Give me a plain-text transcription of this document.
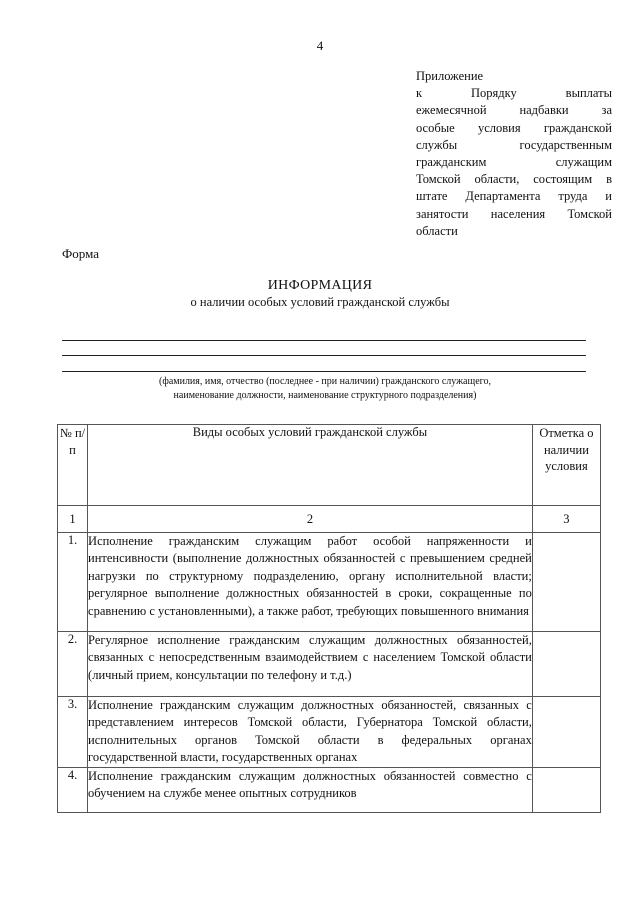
4
Приложение
к Порядку выплаты
ежемесячной надбавки за
особые условия гражданской
службы государственным
гражданским служащим
Томской области, состоящим в
штате Департамента труда и
занятости населения Томской
области
Форма
ИНФОРМАЦИЯ
о наличии особых условий гражданской службы
(фамилия, имя, отчество (последнее - при наличии) гражданского служащего, наименование должности, наименование структурного подразделения)
№ п/п	Виды особых условий гражданской службы	Отметка о наличии условия
1	2	3
1.	Исполнение гражданским служащим работ особой напряженности и интенсивности (выполнение должностных обязанностей с превышением средней нагрузки по структурному подразделению, органу исполнительной власти; регулярное выполнение должностных обязанностей в сроки, сокращенные по сравнению с установленными), а также работ, требующих повышенного внимания	
2.	Регулярное исполнение гражданским служащим должностных обязанностей, связанных с непосредственным взаимодействием с населением Томской области (личный прием, консультации по телефону и т.д.)	
3.	Исполнение гражданским служащим должностных обязанностей, связанных с представлением интересов Томской области, Губернатора Томской области, исполнительных органов Томской области в федеральных органах государственной власти, государственных органах	
4.	Исполнение гражданским служащим должностных обязанностей совместно с обучением на службе менее опытных сотрудников	
